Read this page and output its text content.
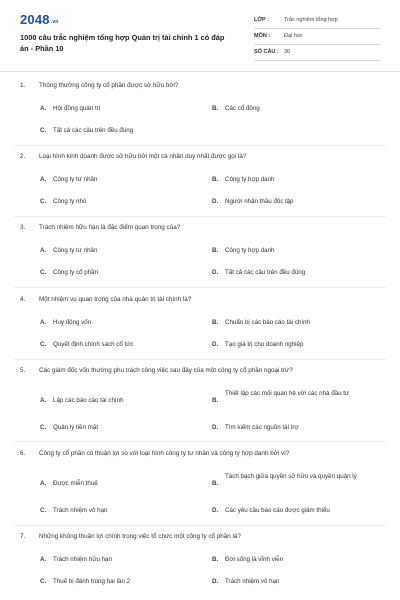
2048.vn
1000 câu trắc nghiệm tổng hợp Quản trị tài chính 1 có đáp án - Phần 10
LỚP :	Trắc nghiệm tổng hợp
MÔN :	Đại học
SỐ CÂU : 30
1. Thông thường công ty cổ phần được sở hữu bởi?
A. Hội đồng quản trị	B. Các cổ đông
C. Tất cả các câu trên đều đúng
2. Loại hình kinh doanh được sở hữu bởi một cá nhân duy nhất được gọi là?
A. Công ty tư nhân	B. Công ty hợp danh
C. Công ty nhỏ	D. Người nhận thầu độc lập
3. Trách nhiệm hữu hạn là đặc điểm quan trọng của?
A. Công ty tư nhân	B. Công ty hợp danh
C. Công ty cổ phần	D. Tất cả các câu trên đều đúng
4. Một nhiệm vụ quan trọng của nhà quản trị tài chính là?
A. Huy động vốn	B. Chuẩn bị các báo cáo tài chính
C. Quyết định chính sách cổ tức	D. Tạo giá trị cho doanh nghiệp
5. Các giám đốc vốn thường phụ trách công việc sau đây của một công ty cổ phần ngoại trừ?
A. Lập các báo cáo tài chính	B.
Thiết lập các mối quan hệ với các nhà đầu tư
C. Quản lý tiền mặt	D. Tìm kiếm các nguồn tài trợ
6. Công ty cổ phần có thuận lợi so với loại hình công ty tư nhân và công ty hợp danh bởi vì?
A. Được miễn thuế	B.
Tách bạch giữa quyền sở hữu và quyền quản lý
C. Trách nhiệm vô hạn	D. Các yêu cầu báo cáo được giảm thiểu
7. Những không thuận lợi chính trong việc tổ chức một công ty cổ phần là?
A. Trách nhiệm hữu hạn	B. Đời sống là vĩnh viễn
C. Thuế bị đánh trùng hai lần 2	D. Trách nhiệm vô hạn
